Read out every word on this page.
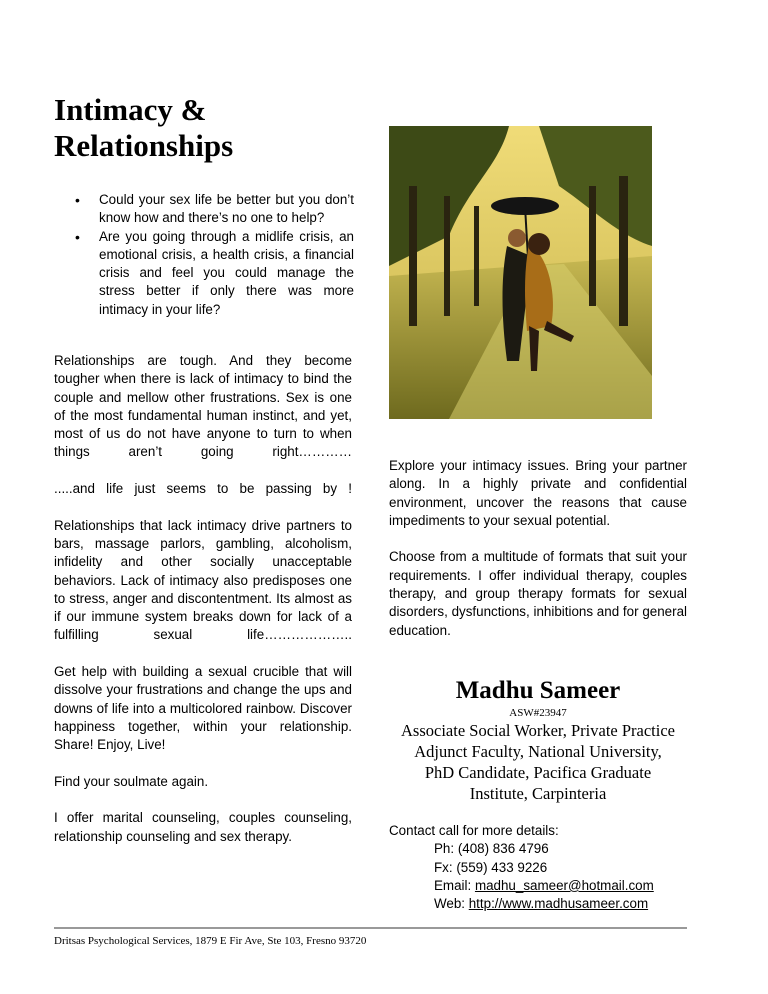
Intimacy &
Relationships
• Could your sex life be better but you don’t know how and there’s no one to help?
• Are you going through a midlife crisis, an emotional crisis, a health crisis, a financial crisis and feel you could manage the stress better if only there was more intimacy in your life?

Relationships are tough. And they become tougher when there is lack of intimacy to bind the couple and mellow other frustrations. Sex is one of the most fundamental human instinct, and yet, most of us do not have anyone to turn to when things aren’t going right…………

.....and life just seems to be passing by !

Relationships that lack intimacy drive partners to bars, massage parlors, gambling, alcoholism, infidelity and other socially unacceptable behaviors. Lack of intimacy also predisposes one to stress, anger and discontentment. Its almost as if our immune system breaks down for lack of a fulfilling sexual life………………..

Get help with building a sexual crucible that will dissolve your frustrations and change the ups and downs of life into a multicolored rainbow. Discover happiness together, within your relationship. Share! Enjoy, Live!

Find your soulmate again.

I offer marital counseling, couples counseling, relationship counseling and sex therapy.

Explore your intimacy issues. Bring your partner along. In a highly private and confidential environment, uncover the reasons that cause impediments to your sexual potential.

Choose from a multitude of formats that suit your requirements. I offer individual therapy, couples therapy, and group therapy formats for sexual disorders, dysfunctions, inhibitions and for general education.

Madhu Sameer
ASW#23947
Associate Social Worker, Private Practice
Adjunct Faculty, National University,
PhD Candidate, Pacifica Graduate
Institute, Carpinteria
Contact call for more details:
Ph: (408) 836 4796
Fx: (559) 433 9226
Email: madhu_sameer@hotmail.com
Web: http://www.madhusameer.com
Dritsas Psychological Services, 1879 E Fir Ave, Ste 103, Fresno 93720
